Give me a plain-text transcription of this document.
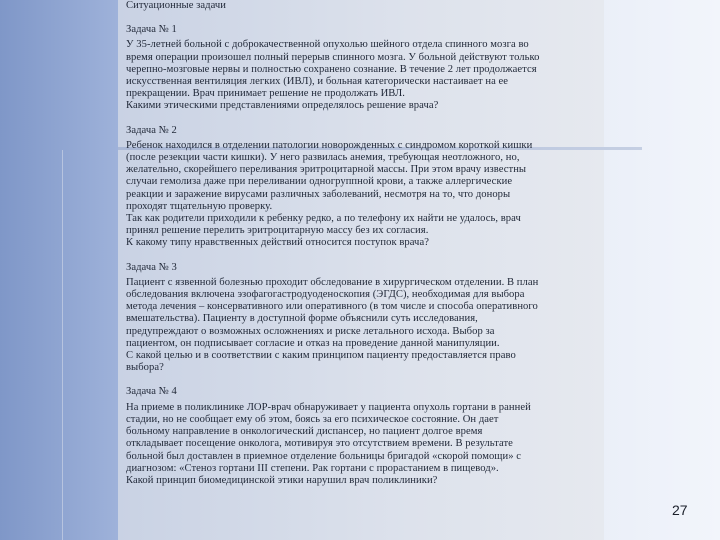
Ситуационные задачи
Задача № 1
У 35-летней больной с доброкачественной опухолью шейного отдела спинного мозга во
время операции произошел полный перерыв спинного мозга. У больной действуют только
черепно-мозговые нервы и полностью сохранено сознание. В течение 2 лет продолжается
искусственная вентиляция легких (ИВЛ), и больная категорически настаивает на ее
прекращении. Врач принимает решение не продолжать ИВЛ.
Какими этическими представлениями определялось решение врача?
Задача № 2
Ребенок находился в отделении патологии новорожденных с синдромом короткой кишки
(после резекции части кишки). У него развилась анемия, требующая неотложного, но,
желательно, скорейшего переливания эритроцитарной массы. При этом врачу известны
случаи гемолиза даже при переливании одногруппной крови, а также аллергические
реакции и заражение вирусами различных заболеваний, несмотря на то, что доноры
проходят тщательную проверку.
Так как родители приходили к ребенку редко, а по телефону их найти не удалось, врач
принял решение перелить эритроцитарную массу без их согласия.
К какому типу нравственных действий относится поступок врача?
Задача № 3
Пациент с язвенной болезнью проходит обследование в хирургическом отделении. В план
обследования включена эзофагогастродуоденоскопия (ЭГДС), необходимая для выбора
метода лечения – консервативного или оперативного (в том числе и способа оперативного
вмешательства). Пациенту в доступной форме объяснили суть исследования,
предупреждают о возможных осложнениях и риске летального исхода. Выбор за
пациентом, он подписывает согласие и отказ на проведение данной манипуляции.
С какой целью и в соответствии с каким принципом пациенту предоставляется право
выбора?
Задача № 4
На приеме в поликлинике ЛОР-врач обнаруживает у пациента опухоль гортани в ранней
стадии, но не сообщает ему об этом, боясь за его психическое состояние. Он дает
больному направление в онкологический диспансер, но пациент долгое время
откладывает посещение онколога, мотивируя это отсутствием времени. В результате
больной был доставлен в приемное отделение больницы бригадой «скорой помощи» с
диагнозом: «Стеноз гортани III степени. Рак гортани с прорастанием в пищевод».
Какой принцип биомедицинской этики нарушил врач поликлиники?
27
